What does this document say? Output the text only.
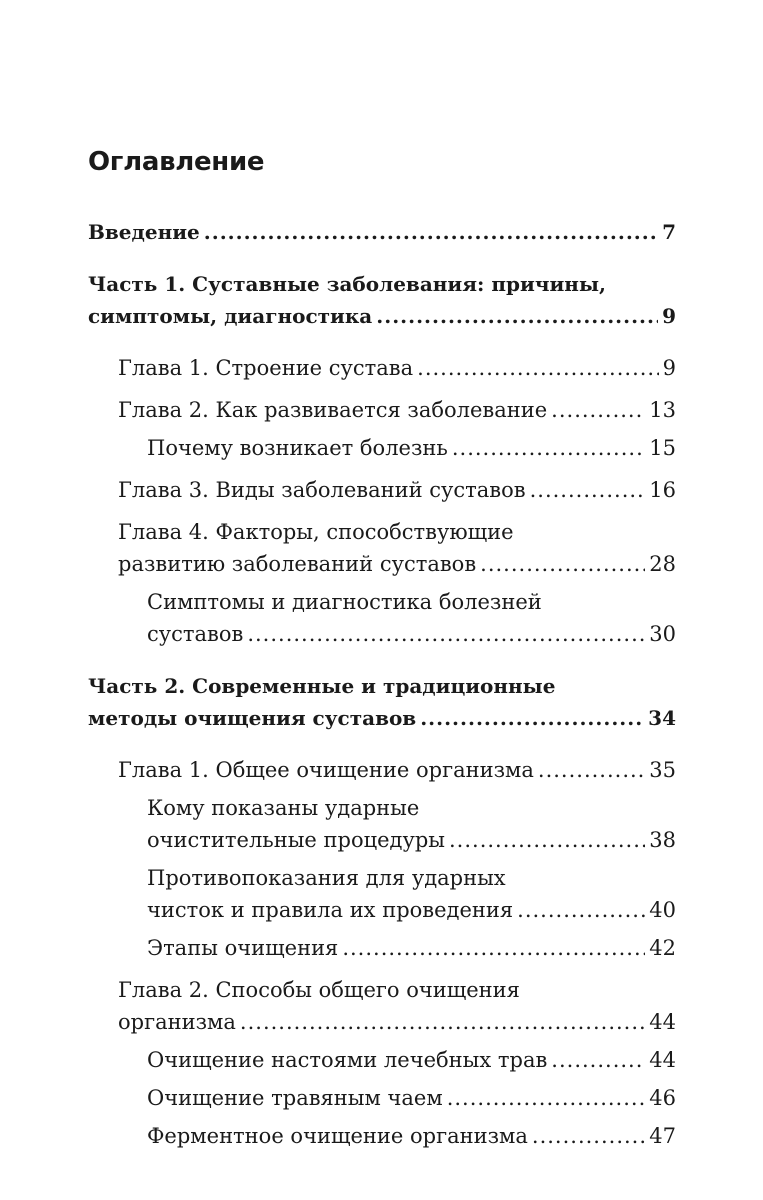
Оглавление
Введение .....	7
Часть 1. Суставные заболевания: причины,
симптомы, диагностика .....	9
Глава 1. Строение сустава .....	9
Глава 2. Как развивается заболевание .....	13
Почему возникает болезнь .....	15
Глава 3. Виды заболеваний суставов .....	16
Глава 4. Факторы, способствующие
развитию заболеваний суставов .....	28
Симптомы и диагностика болезней
суставов .....	30
Часть 2. Современные и традиционные
методы очищения суставов .....	34
Глава 1. Общее очищение организма .....	35
Кому показаны ударные
очистительные процедуры .....	38
Противопоказания для ударных
чисток и правила их проведения .....	40
Этапы очищения .....	42
Глава 2. Способы общего очищения
организма .....	44
Очищение настоями лечебных трав .....	44
Очищение травяным чаем .....	46
Ферментное очищение организма .....	47
